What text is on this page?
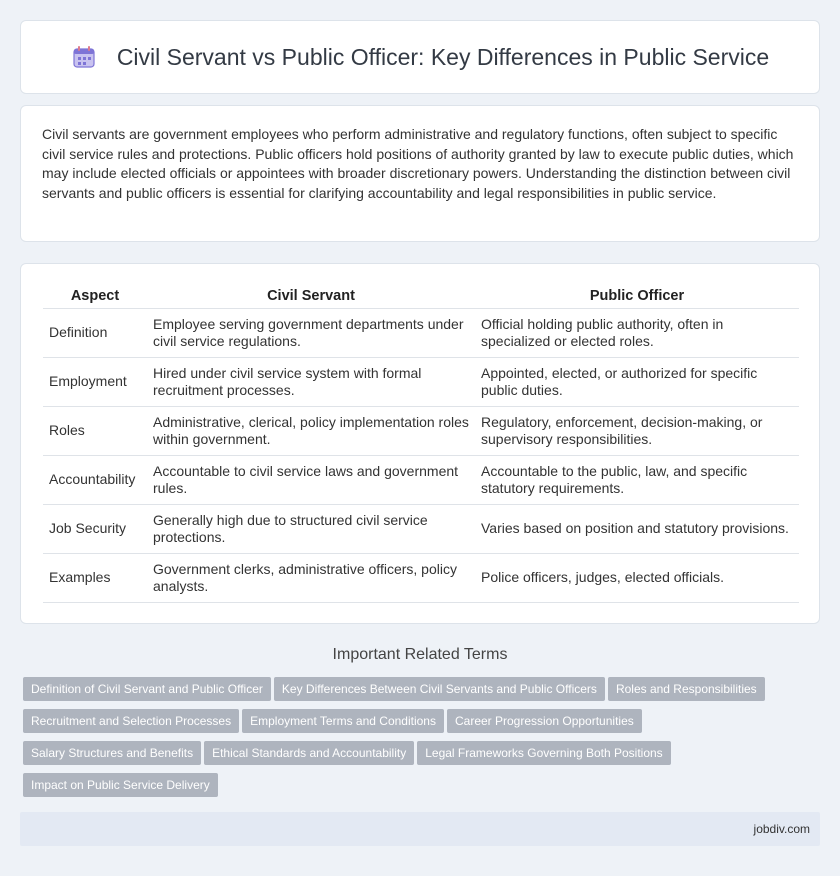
Civil Servant vs Public Officer: Key Differences in Public Service

Civil servants are government employees who perform administrative and regulatory functions, often subject to specific civil service rules and protections. Public officers hold positions of authority granted by law to execute public duties, which may include elected officials or appointees with broader discretionary powers. Understanding the distinction between civil servants and public officers is essential for clarifying accountability and legal responsibilities in public service.

Aspect	Civil Servant	Public Officer
Definition	Employee serving government departments under civil service regulations.	Official holding public authority, often in specialized or elected roles.
Employment	Hired under civil service system with formal recruitment processes.	Appointed, elected, or authorized for specific public duties.
Roles	Administrative, clerical, policy implementation roles within government.	Regulatory, enforcement, decision-making, or supervisory responsibilities.
Accountability	Accountable to civil service laws and government rules.	Accountable to the public, law, and specific statutory requirements.
Job Security	Generally high due to structured civil service protections.	Varies based on position and statutory provisions.
Examples	Government clerks, administrative officers, policy analysts.	Police officers, judges, elected officials.
Important Related Terms
Definition of Civil Servant and Public Officer Key Differences Between Civil Servants and Public Officers Roles and Responsibilities
Recruitment and Selection Processes Employment Terms and Conditions Career Progression Opportunities
Salary Structures and Benefits Ethical Standards and Accountability Legal Frameworks Governing Both Positions
Impact on Public Service Delivery
jobdiv.com
